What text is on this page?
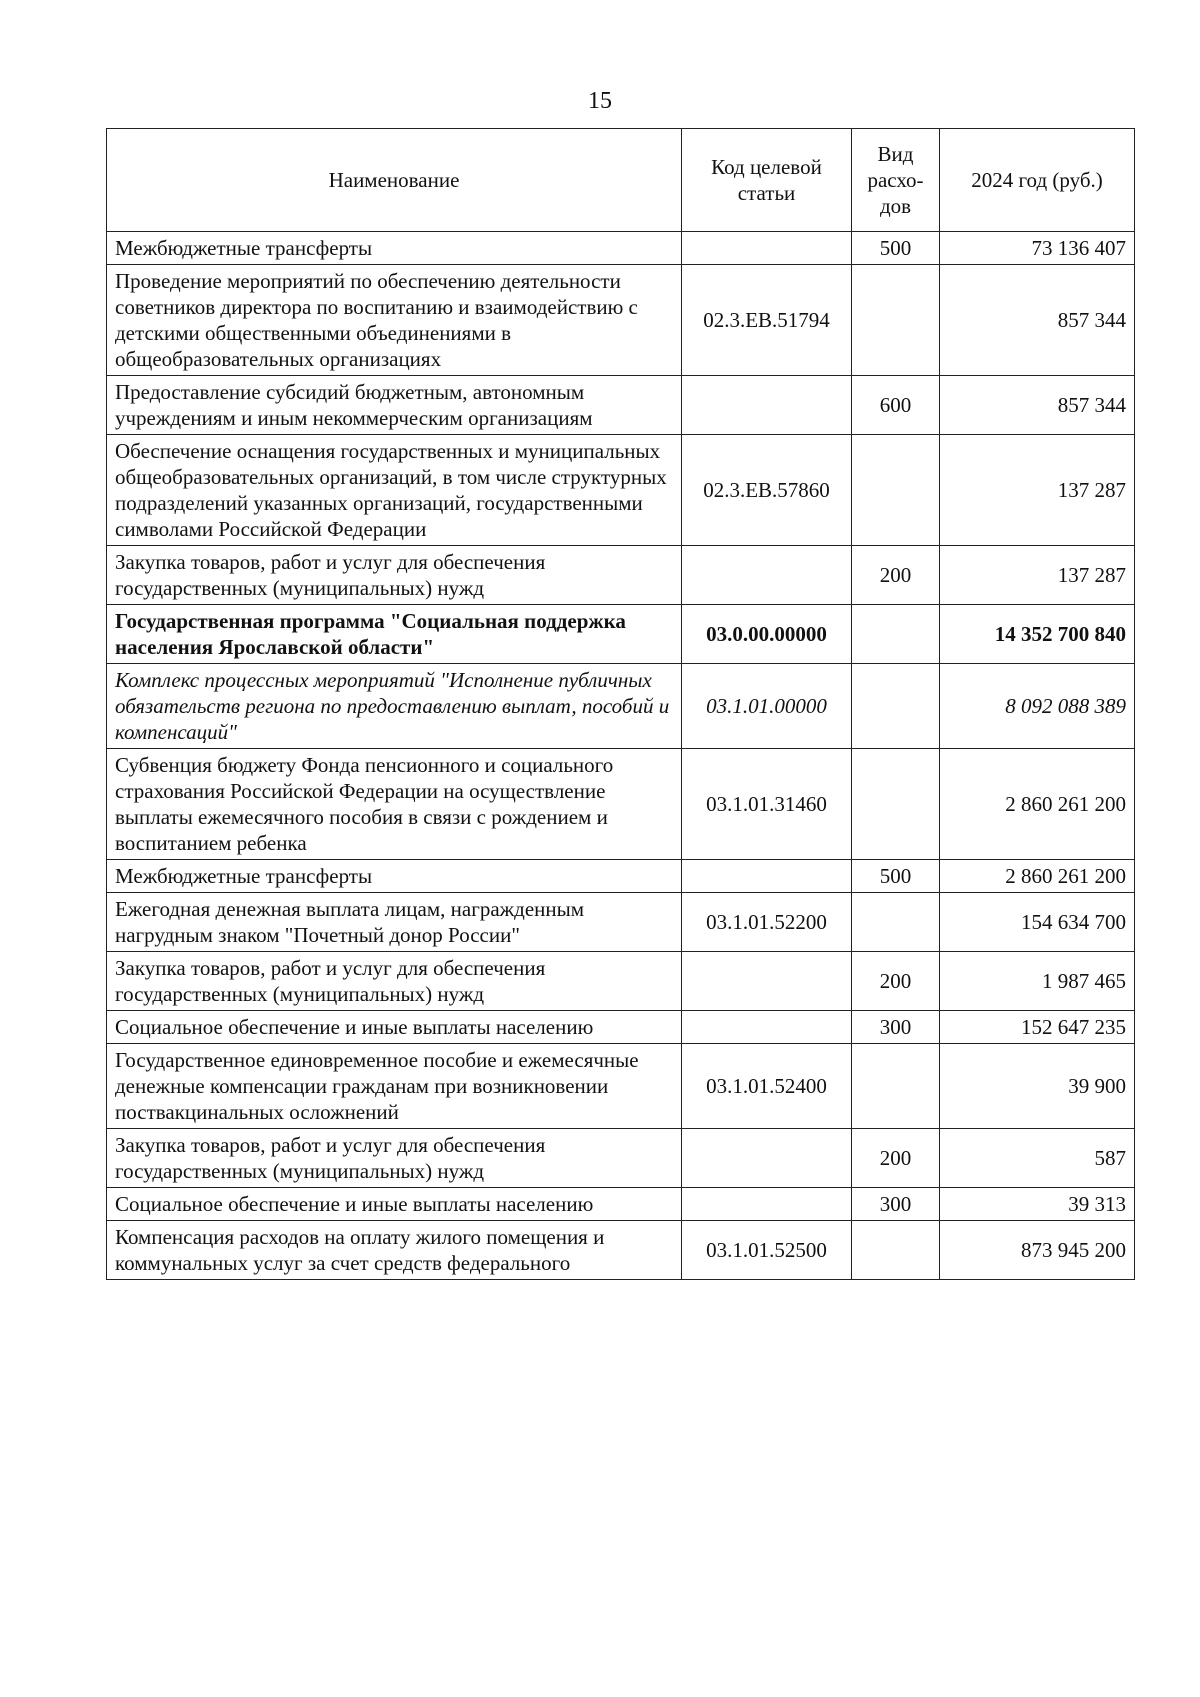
15
Наименование	Код целевой статьи	Вид расхо-дов	2024 год (руб.)
Межбюджетные трансферты		500	73 136 407
Проведение мероприятий по обеспечению деятельности советников директора по воспитанию и взаимодействию с детскими общественными объединениями в общеобразовательных организациях	02.3.ЕВ.51794		857 344
Предоставление субсидий бюджетным, автономным учреждениям и иным некоммерческим организациям		600	857 344
Обеспечение оснащения государственных и муниципальных общеобразовательных организаций, в том числе структурных подразделений указанных организаций, государственными символами Российской Федерации	02.3.ЕВ.57860		137 287
Закупка товаров, работ и услуг для обеспечения государственных (муниципальных) нужд		200	137 287
Государственная программа "Социальная поддержка населения Ярославской области"	03.0.00.00000		14 352 700 840
Комплекс процессных мероприятий "Исполнение публичных обязательств региона по предоставлению выплат, пособий и компенсаций"	03.1.01.00000		8 092 088 389
Субвенция бюджету Фонда пенсионного и социального страхования Российской Федерации на осуществление выплаты ежемесячного пособия в связи с рождением и воспитанием ребенка	03.1.01.31460		2 860 261 200
Межбюджетные трансферты		500	2 860 261 200
Ежегодная денежная выплата лицам, награжденным нагрудным знаком "Почетный донор России"	03.1.01.52200		154 634 700
Закупка товаров, работ и услуг для обеспечения государственных (муниципальных) нужд		200	1 987 465
Социальное обеспечение и иные выплаты населению		300	152 647 235
Государственное единовременное пособие и ежемесячные денежные компенсации гражданам при возникновении поствакцинальных осложнений	03.1.01.52400		39 900
Закупка товаров, работ и услуг для обеспечения государственных (муниципальных) нужд		200	587
Социальное обеспечение и иные выплаты населению		300	39 313
Компенсация расходов на оплату жилого помещения и коммунальных услуг за счет средств федерального	03.1.01.52500		873 945 200
